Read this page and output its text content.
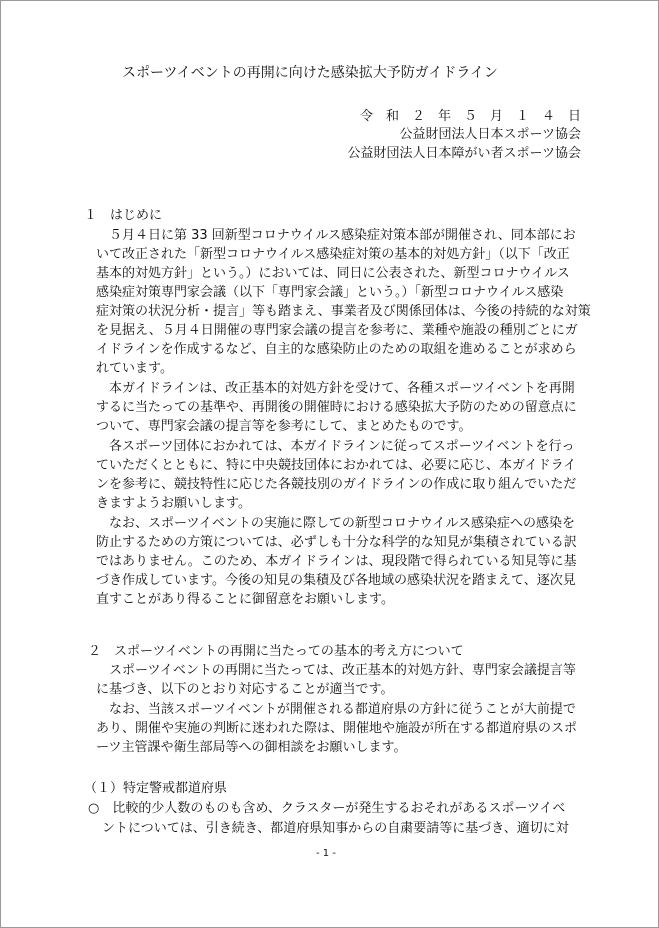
スポーツイベントの再開に向けた感染拡大予防ガイドライン
令　和　２　年　５　月　１　４　日
公益財団法人日本スポーツ協会
公益財団法人日本障がい者スポーツ協会
１　はじめに
５月４日に第 33 回新型コロナウイルス感染症対策本部が開催され、同本部にお
いて改正された「新型コロナウイルス感染症対策の基本的対処方針」（以下「改正
基本的対処方針」という。）においては、同日に公表された、新型コロナウイルス
感染症対策専門家会議（以下「専門家会議」という。）「新型コロナウイルス感染
症対策の状況分析・提言」等も踏まえ、事業者及び関係団体は、今後の持続的な対策
を見据え、５月４日開催の専門家会議の提言を参考に、業種や施設の種別ごとにガ
イドラインを作成するなど、自主的な感染防止のための取組を進めることが求めら
れています。
本ガイドラインは、改正基本的対処方針を受けて、各種スポーツイベントを再開
するに当たっての基準や、再開後の開催時における感染拡大予防のための留意点に
ついて、専門家会議の提言等を参考にして、まとめたものです。
各スポーツ団体におかれては、本ガイドラインに従ってスポーツイベントを行っ
ていただくとともに、特に中央競技団体におかれては、必要に応じ、本ガイドライ
ンを参考に、競技特性に応じた各競技別のガイドラインの作成に取り組んでいただ
きますようお願いします。
なお、スポーツイベントの実施に際しての新型コロナウイルス感染症への感染を
防止するための方策については、必ずしも十分な科学的な知見が集積されている訳
ではありません。このため、本ガイドラインは、現段階で得られている知見等に基
づき作成しています。今後の知見の集積及び各地域の感染状況を踏まえて、逐次見
直すことがあり得ることに御留意をお願いします。
２　スポーツイベントの再開に当たっての基本的考え方について
スポーツイベントの再開に当たっては、改正基本的対処方針、専門家会議提言等
に基づき、以下のとおり対応することが適当です。
なお、当該スポーツイベントが開催される都道府県の方針に従うことが大前提で
あり、開催や実施の判断に迷われた際は、開催地や施設が所在する都道府県のスポ
ーツ主管課や衛生部局等への御相談をお願いします。
（１）特定警戒都道府県
○　比較的少人数のものも含め、クラスターが発生するおそれがあるスポーツイベ
ントについては、引き続き、都道府県知事からの自粛要請等に基づき、適切に対
- 1 -
